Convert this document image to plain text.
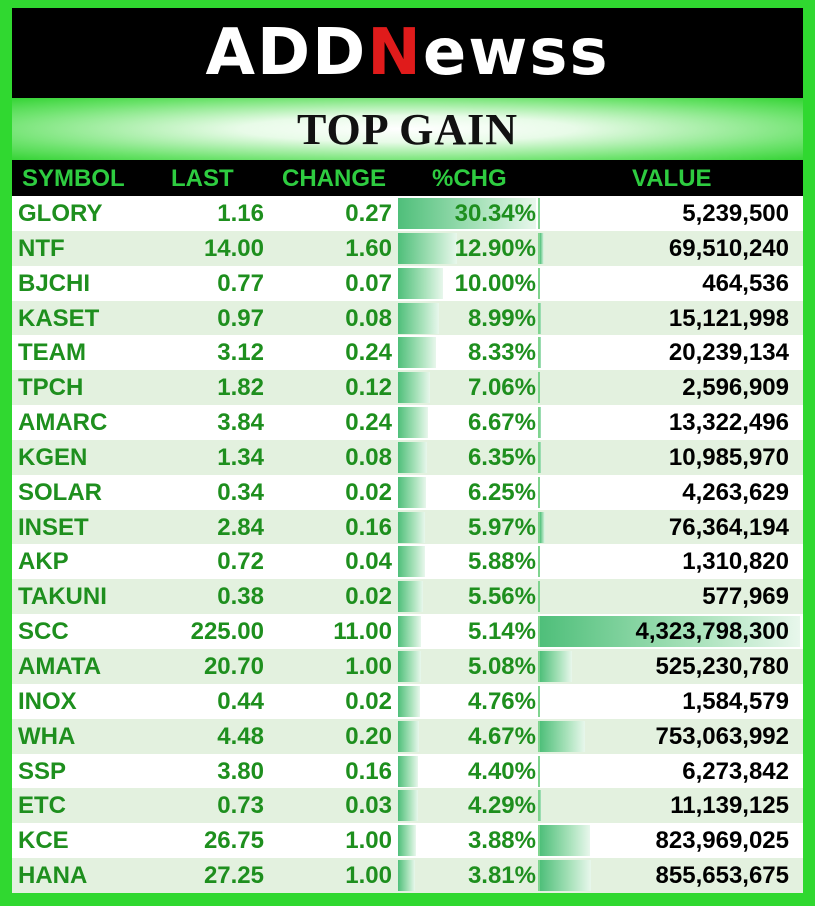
ADDNewss
TOP GAIN
SYMBOL LAST CHANGE %CHG	VALUE
GLORY	1.16	0.27	30.34%	5,239,500
NTF	14.00	1.60	12.90%	69,510,240
BJCHI	0.77	0.07	10.00%	464,536
KASET	0.97	0.08	8.99%	15,121,998
TEAM	3.12	0.24	8.33%	20,239,134
TPCH	1.82	0.12	7.06%	2,596,909
AMARC	3.84	0.24	6.67%	13,322,496
KGEN	1.34	0.08	6.35%	10,985,970
SOLAR	0.34	0.02	6.25%	4,263,629
INSET	2.84	0.16	5.97%	76,364,194
AKP	0.72	0.04	5.88%	1,310,820
TAKUNI	0.38	0.02	5.56%	577,969
SCC	225.00	11.00	5.14%	4,323,798,300
AMATA	20.70	1.00	5.08%	525,230,780
INOX	0.44	0.02	4.76%	1,584,579
WHA	4.48	0.20	4.67%	753,063,992
SSP	3.80	0.16	4.40%	6,273,842
ETC	0.73	0.03	4.29%	11,139,125
KCE	26.75	1.00	3.88%	823,969,025
HANA	27.25	1.00	3.81%	855,653,675
